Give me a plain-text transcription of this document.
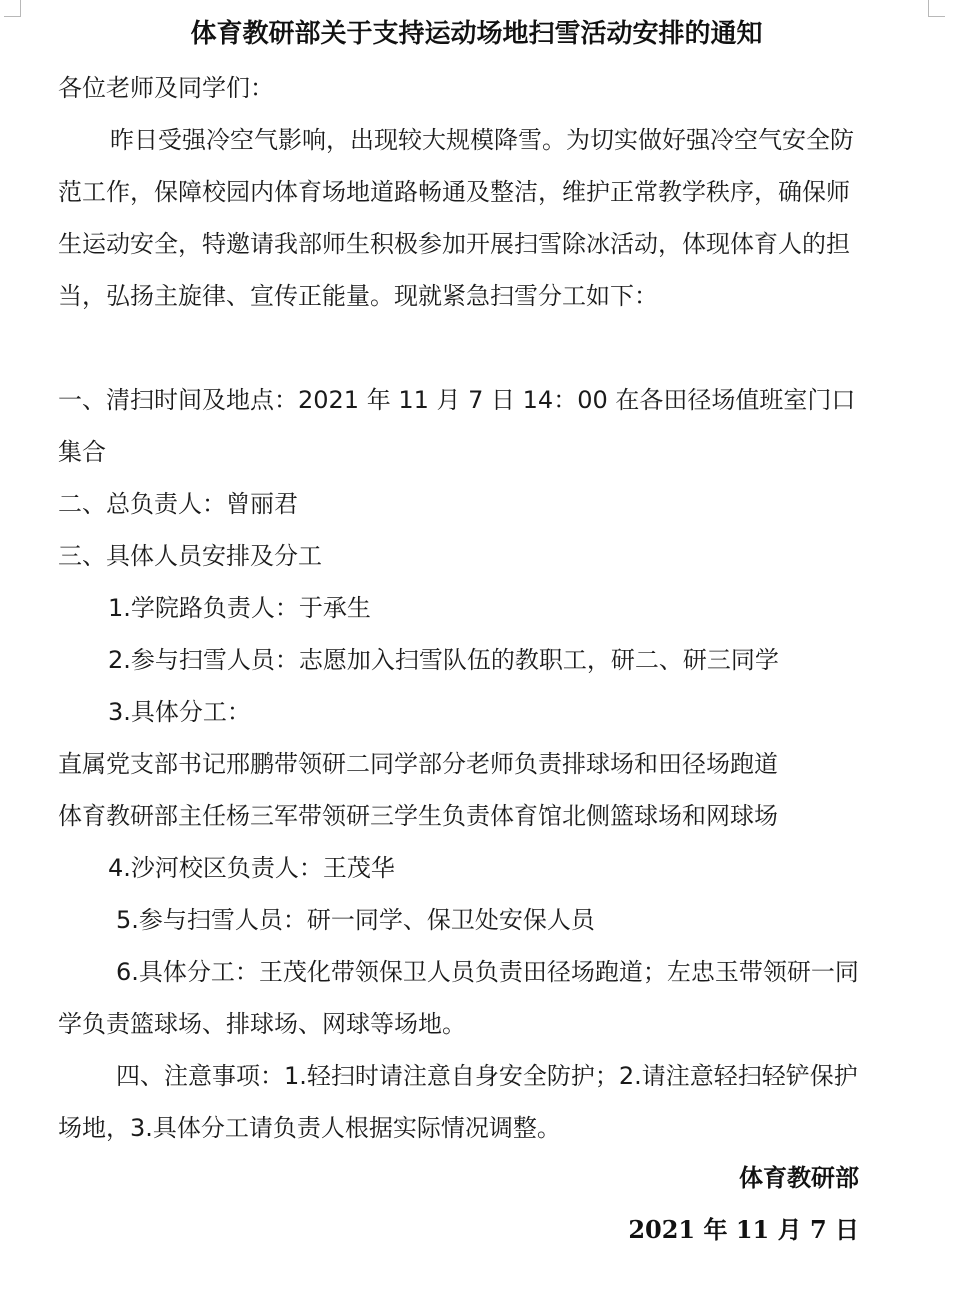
体育教研部关于支持运动场地扫雪活动安排的通知
各位老师及同学们：
昨日受强冷空气影响，出现较大规模降雪。为切实做好强冷空气安全防范工作，保障校园内体育场地道路畅通及整洁，维护正常教学秩序，确保师生运动安全，特邀请我部师生积极参加开展扫雪除冰活动，体现体育人的担当，弘扬主旋律、宣传正能量。现就紧急扫雪分工如下：
一、清扫时间及地点：2021 年 11 月 7 日 14：00 在各田径场值班室门口集合
二、总负责人：曾丽君
三、具体人员安排及分工
1.学院路负责人：于承生
2.参与扫雪人员：志愿加入扫雪队伍的教职工，研二、研三同学
3.具体分工：
直属党支部书记邢鹏带领研二同学部分老师负责排球场和田径场跑道
体育教研部主任杨三军带领研三学生负责体育馆北侧篮球场和网球场
4.沙河校区负责人：王茂华
5.参与扫雪人员：研一同学、保卫处安保人员
6.具体分工：王茂化带领保卫人员负责田径场跑道；左忠玉带领研一同学负责篮球场、排球场、网球等场地。
四、注意事项：1.轻扫时请注意自身安全防护；2.请注意轻扫轻铲保护场地，3.具体分工请负责人根据实际情况调整。
体育教研部
2021 年 11 月 7 日
